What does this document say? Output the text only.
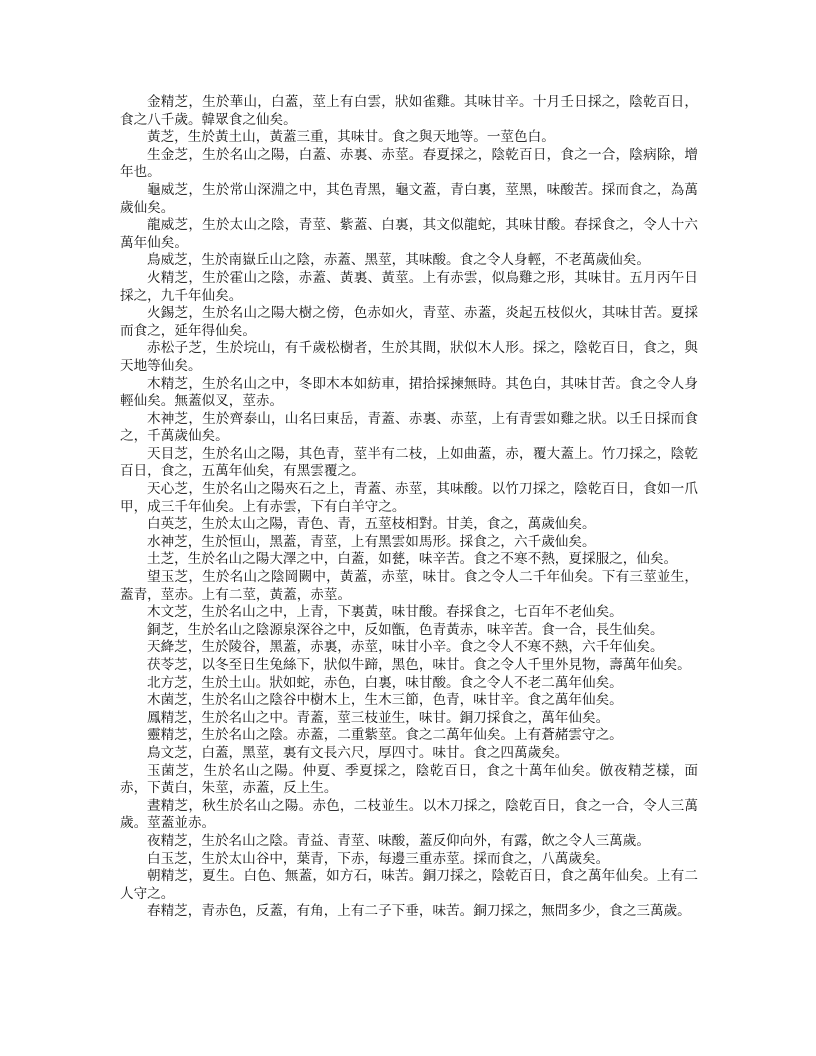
金精芝，生於華山，白蓋，莖上有白雲，狀如雀雞。其味甘辛。十月壬日採之，陰乾百日，食之八千歲。韓眾食之仙矣。

黃芝，生於黃土山，黃蓋三重，其味甘。食之與天地等。一莖色白。

生金芝，生於名山之陽，白蓋、赤裏、赤莖。春夏採之，陰乾百日，食之一合，陰病除，增年也。

龜威芝，生於常山深淵之中，其色青黑，龜文蓋，青白裏，莖黑，味酸苦。採而食之，為萬歲仙矣。

龍威芝，生於太山之陰，青莖、紫蓋、白裏，其文似龍蛇，其味甘酸。春採食之，令人十六萬年仙矣。

鳥威芝，生於南嶽丘山之陰，赤蓋、黑莖，其味酸。食之令人身輕，不老萬歲仙矣。

火精芝，生於霍山之陰，赤蓋、黃裏、黃莖。上有赤雲，似鳥雞之形，其味甘。五月丙午日採之，九千年仙矣。

火錫芝，生於名山之陽大樹之傍，色赤如火，青莖、赤蓋，炎起五枝似火，其味甘苦。夏採而食之，延年得仙矣。

赤松子芝，生於垸山，有千歲松樹者，生於其間，狀似木人形。採之，陰乾百日，食之，與天地等仙矣。

木精芝，生於名山之中，冬即木本如紡車，捃拾採揀無時。其色白，其味甘苦。食之令人身輕仙矣。無蓋似叉，莖赤。

木神芝，生於齊泰山，山名曰東岳，青蓋、赤裏、赤莖，上有青雲如雞之狀。以壬日採而食之，千萬歲仙矣。

天目芝，生於名山之陽，其色青，莖半有二枝，上如曲蓋，赤，覆大蓋上。竹刀採之，陰乾百日，食之，五萬年仙矣，有黑雲覆之。

天心芝，生於名山之陽夾石之上，青蓋、赤莖，其味酸。以竹刀採之，陰乾百日，食如一爪甲，成三千年仙矣。上有赤雲，下有白羊守之。

白英芝，生於太山之陽，青色、青，五莖枝相對。甘美，食之，萬歲仙矣。

水神芝，生於恒山，黑蓋，青莖，上有黑雲如馬形。採食之，六千歲仙矣。

土芝，生於名山之陽大澤之中，白蓋，如甆，味辛苦。食之不寒不熱，夏採服之，仙矣。

望玉芝，生於名山之陰岡闕中，黃蓋，赤莖，味甘。食之令人二千年仙矣。下有三莖並生，蓋青，莖赤。上有二莖，黃蓋，赤莖。

木文芝，生於名山之中，上青，下裏黃，味甘酸。春採食之，七百年不老仙矣。

銅芝，生於名山之陰源泉深谷之中，反如甑，色青黃赤，味辛苦。食一合，長生仙矣。

天絳芝，生於陵谷，黑蓋，赤裏，赤莖，味甘小辛。食之令人不寒不熱，六千年仙矣。

茯苓芝，以冬至日生兔絲下，狀似牛蹄，黑色，味甘。食之令人千里外見物，壽萬年仙矣。

北方芝，生於土山。狀如蛇，赤色，白裏，味甘酸。食之令人不老二萬年仙矣。

木菌芝，生於名山之陰谷中樹木上，生木三節，色青，味甘辛。食之萬年仙矣。

鳳精芝，生於名山之中。青蓋，莖三枝並生，味甘。銅刀採食之，萬年仙矣。

靈精芝，生於名山之陰。赤蓋，二重紫莖。食之二萬年仙矣。上有蒼赭雲守之。

鳥文芝，白蓋，黑莖，裏有文長六尺，厚四寸。味甘。食之四萬歲矣。

玉菌芝，生於名山之陽。仲夏、季夏採之，陰乾百日，食之十萬年仙矣。倣夜精芝樣，面赤，下黃白，朱莖，赤蓋，反上生。

晝精芝，秋生於名山之陽。赤色，二枝並生。以木刀採之，陰乾百日，食之一合，令人三萬歲。莖蓋並赤。

夜精芝，生於名山之陰。青益、青莖、味酸，蓋反仰向外，有露，飲之令人三萬歲。

白玉芝，生於太山谷中，葉青，下赤，每邊三重赤莖。採而食之，八萬歲矣。

朝精芝，夏生。白色、無蓋，如方石，味苦。銅刀採之，陰乾百日，食之萬年仙矣。上有二人守之。

春精芝，青赤色，反蓋，有角，上有二子下垂，味苦。銅刀採之，無問多少，食之三萬歲。
